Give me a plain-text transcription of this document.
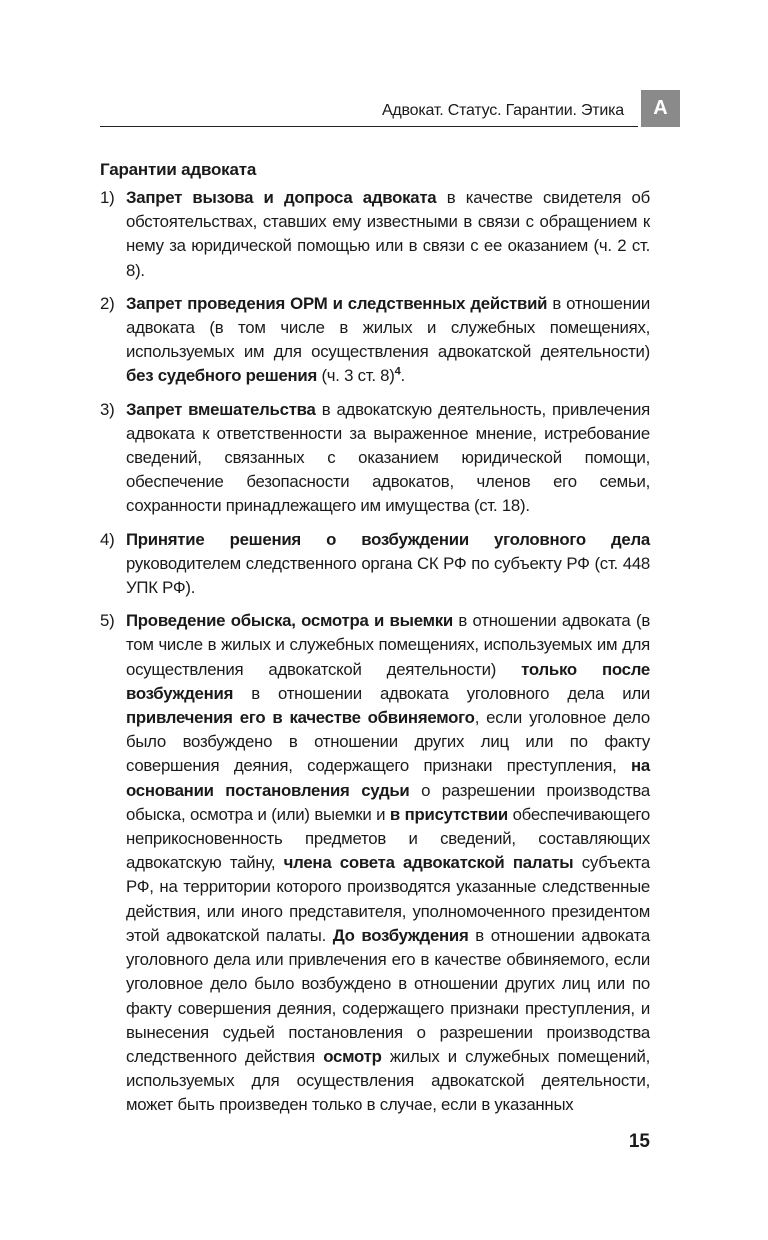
Адвокат. Статус. Гарантии. Этика	А
Гарантии адвоката
1) Запрет вызова и допроса адвоката в качестве свидетеля об обстоятельствах, ставших ему известными в связи с обращением к нему за юридической помощью или в связи с ее оказанием (ч. 2 ст. 8).
2) Запрет проведения ОРМ и следственных действий в отношении адвоката (в том числе в жилых и служебных помещениях, используемых им для осуществления адвокатской деятельности) без судебного решения (ч. 3 ст. 8)$^4$.
3) Запрет вмешательства в адвокатскую деятельность, привлечения адвоката к ответственности за выраженное мнение, истребование сведений, связанных с оказанием юридической помощи, обеспечение безопасности адвокатов, членов его семьи, сохранности принадлежащего им имущества (ст. 18).
4) Принятие решения о возбуждении уголовного дела руководителем следственного органа СК РФ по субъекту РФ (ст. 448 УПК РФ).
5) Проведение обыска, осмотра и выемки в отношении адвоката (в том числе в жилых и служебных помещениях, используемых им для осуществления адвокатской деятельности) только после возбуждения в отношении адвоката уголовного дела или привлечения его в качестве обвиняемого, если уголовное дело было возбуждено в отношении других лиц или по факту совершения деяния, содержащего признаки преступления, на основании постановления судьи о разрешении производства обыска, осмотра и (или) выемки и в присутствии обеспечивающего неприкосновенность предметов и сведений, составляющих адвокатскую тайну, члена совета адвокатской палаты субъекта РФ, на территории которого производятся указанные следственные действия, или иного представителя, уполномоченного президентом этой адвокатской палаты. До возбуждения в отношении адвоката уголовного дела или привлечения его в качестве обвиняемого, если уголовное дело было возбуждено в отношении других лиц или по факту совершения деяния, содержащего признаки преступления, и вынесения судьей постановления о разрешении производства следственного действия осмотр жилых и служебных помещений, используемых для осуществления адвокатской деятельности, может быть произведен только в случае, если в указанных
15
